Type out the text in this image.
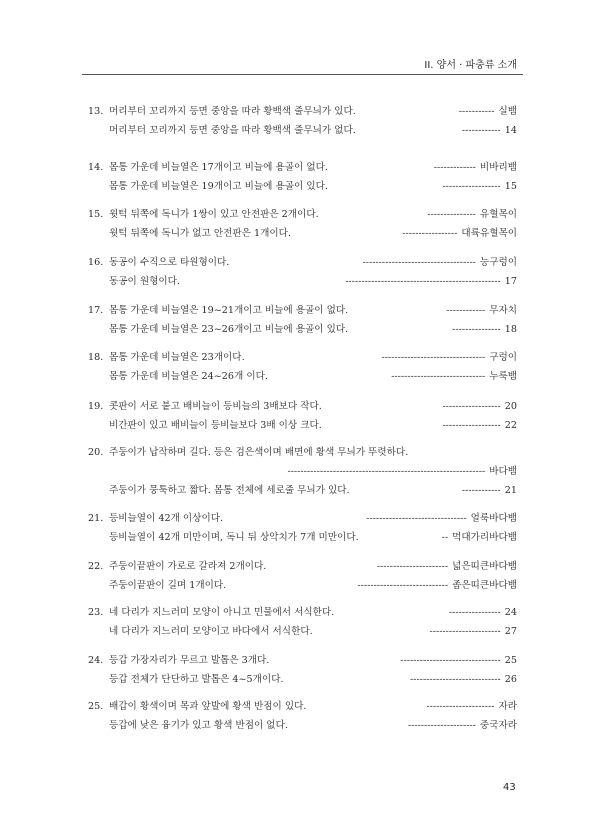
II. 양서 · 파충류 소개
13. 머리부터 꼬리까지 등면 중앙을 따라 황백색 줄무늬가 있다.	----------- 실뱀
머리부터 꼬리까지 등면 중앙을 따라 황백색 줄무늬가 없다.	------------ 14
14. 몸통 가운데 비늘열은 17개이고 비늘에 용골이 없다.	------------- 비바리뱀
몸통 가운데 비늘열은 19개이고 비늘에 용골이 있다.	------------------ 15
15. 윗턱 뒤쪽에 독니가 1쌍이 있고 안전판은 2개이다.	--------------- 유혈목이
윗턱 뒤쪽에 독니가 없고 안전판은 1개이다.	----------------- 대륙유혈목이
16. 동공이 수직으로 타원형이다.	----------------------------------- 능구렁이
동공이 원형이다.	------------------------------------------------ 17
17. 몸통 가운데 비늘열은 19~21개이고 비늘에 용골이 없다.	------------ 무자치
몸통 가운데 비늘열은 23~26개이고 비늘에 용골이 있다.	--------------- 18
18. 몸통 가운데 비늘열은 23개이다.	-------------------------------- 구렁이
몸통 가운데 비늘열은 24~26개 이다.	----------------------------- 누룩뱀
19. 콧판이 서로 붙고 배비늘이 등비늘의 3배보다 작다.	------------------ 20
비간판이 있고 배비늘이 등비늘보다 3배 이상 크다.	------------------ 22
20. 주둥이가 납작하며 길다. 등은 검은색이며 배면에 황색 무늬가 뚜렷하다.
------------------------------------------------------------- 바다뱀
주둥이가 뭉툭하고 짧다. 몸통 전체에 세로줄 무늬가 있다.	------------ 21
21. 등비늘열이 42개 이상이다.	------------------------------- 얼룩바다뱀
등비늘열이 42개 미만이며, 독니 뒤 상악치가 7개 미만이다.	-- 먹대가리바다뱀
22. 주둥이끝판이 가로로 갈라져 2개이다.	---------------------- 넓은띠큰바다뱀
주둥이끝판이 길며 1개이다.	---------------------------- 좁은띠큰바다뱀
23. 네 다리가 지느러미 모양이 아니고 민물에서 서식한다.	---------------- 24
네 다리가 지느러미 모양이고 바다에서 서식한다.	---------------------- 27
24. 등갑 가장자리가 무르고 발톱은 3개다.	------------------------------- 25
등갑 전체가 단단하고 발톱은 4~5개이다.	---------------------------- 26
25. 배갑이 황색이며 목과 앞발에 황색 반점이 있다.	--------------------- 자라
등갑에 낮은 융기가 있고 황색 반점이 없다.	--------------------- 중국자라
43
